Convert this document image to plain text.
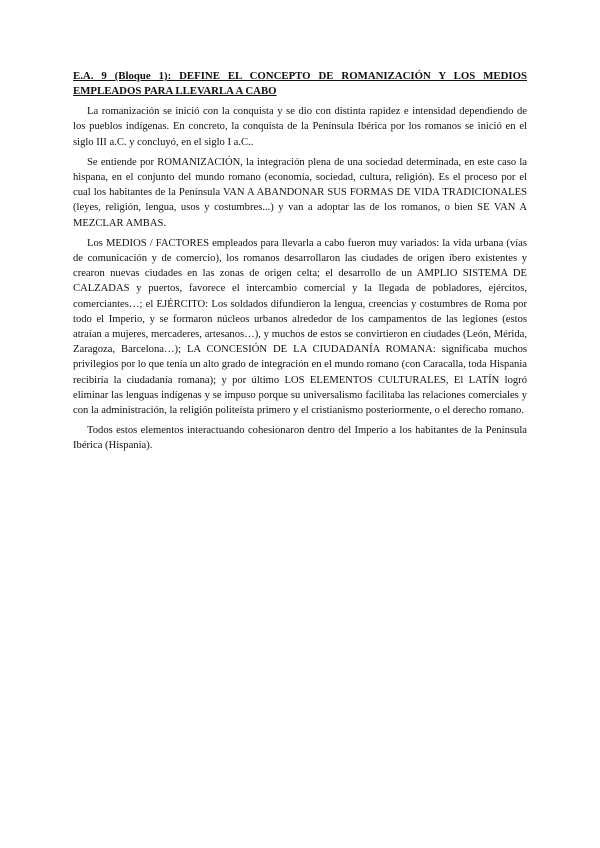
E.A. 9 (Bloque 1): DEFINE EL CONCEPTO DE ROMANIZACIÓN Y LOS MEDIOS EMPLEADOS PARA LLEVARLA A CABO

La romanización se inició con la conquista y se dio con distinta rapidez e intensidad dependiendo de los pueblos indígenas. En concreto, la conquista de la Península Ibérica por los romanos se inició en el siglo III a.C. y concluyó, en el siglo I a.C..

Se entiende por ROMANIZACIÓN, la integración plena de una sociedad determinada, en este caso la hispana, en el conjunto del mundo romano (economía, sociedad, cultura, religión). Es el proceso por el cual los habitantes de la Península VAN A ABANDONAR SUS FORMAS DE VIDA TRADICIONALES (leyes, religión, lengua, usos y costumbres...) y van a adoptar las de los romanos, o bien SE VAN A MEZCLAR AMBAS.

Los MEDIOS / FACTORES empleados para llevarla a cabo fueron muy variados: la vida urbana (vías de comunicación y de comercio), los romanos desarrollaron las ciudades de origen íbero existentes y crearon nuevas ciudades en las zonas de origen celta; el desarrollo de un AMPLIO SISTEMA DE CALZADAS y puertos, favorece el intercambio comercial y la llegada de pobladores, ejércitos, comerciantes…; el EJÉRCITO: Los soldados difundieron la lengua, creencias y costumbres de Roma por todo el Imperio, y se formaron núcleos urbanos alrededor de los campamentos de las legiones (estos atraían a mujeres, mercaderes, artesanos…), y muchos de estos se convirtieron en ciudades (León, Mérida, Zaragoza, Barcelona…); LA CONCESIÓN DE LA CIUDADANÍA ROMANA: significaba muchos privilegios por lo que tenía un alto grado de integración en el mundo romano (con Caracalla, toda Hispania recibiría la ciudadanía romana); y por último LOS ELEMENTOS CULTURALES, El LATÍN logró eliminar las lenguas indígenas y se impuso porque su universalismo facilitaba las relaciones comerciales y con la administración, la religión politeísta primero y el cristianismo posteriormente, o el derecho romano.

Todos estos elementos interactuando cohesionaron dentro del Imperio a los habitantes de la Península Ibérica (Hispania).
